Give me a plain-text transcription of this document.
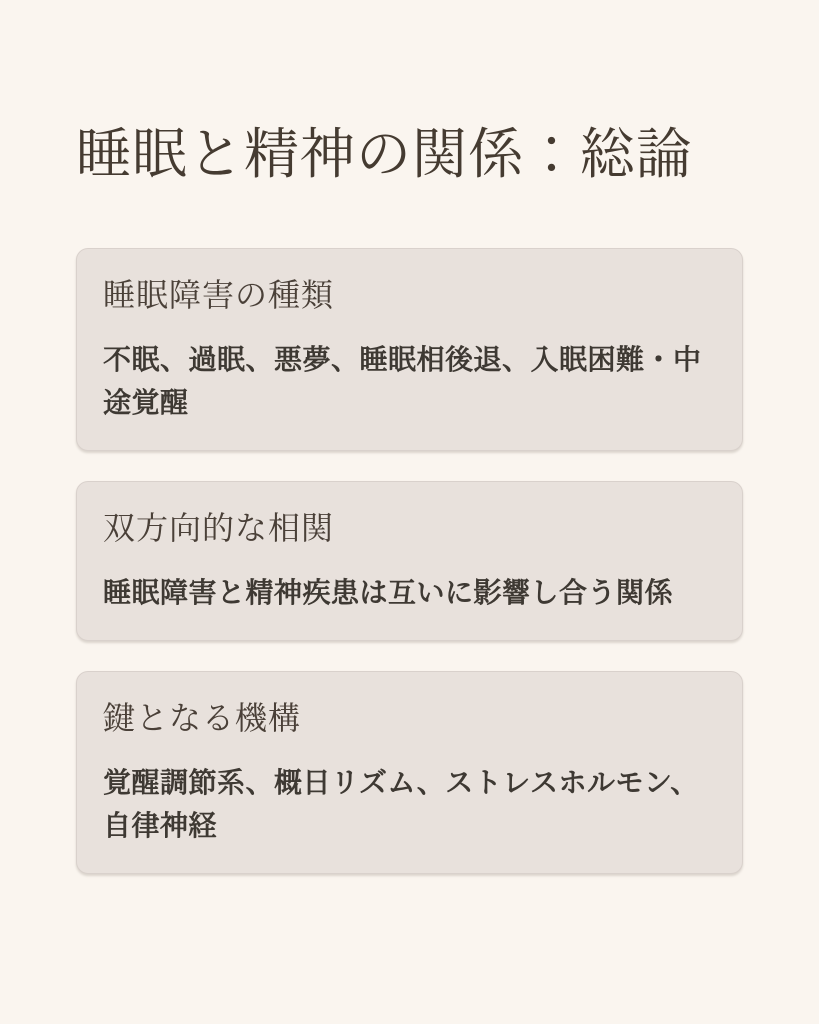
睡眠と精神の関係：総論
睡眠障害の種類

不眠、過眠、悪夢、睡眠相後退、入眠困難・中途覚醒

双方向的な相関

睡眠障害と精神疾患は互いに影響し合う関係

鍵となる機構

覚醒調節系、概日リズム、ストレスホルモン、自律神経
